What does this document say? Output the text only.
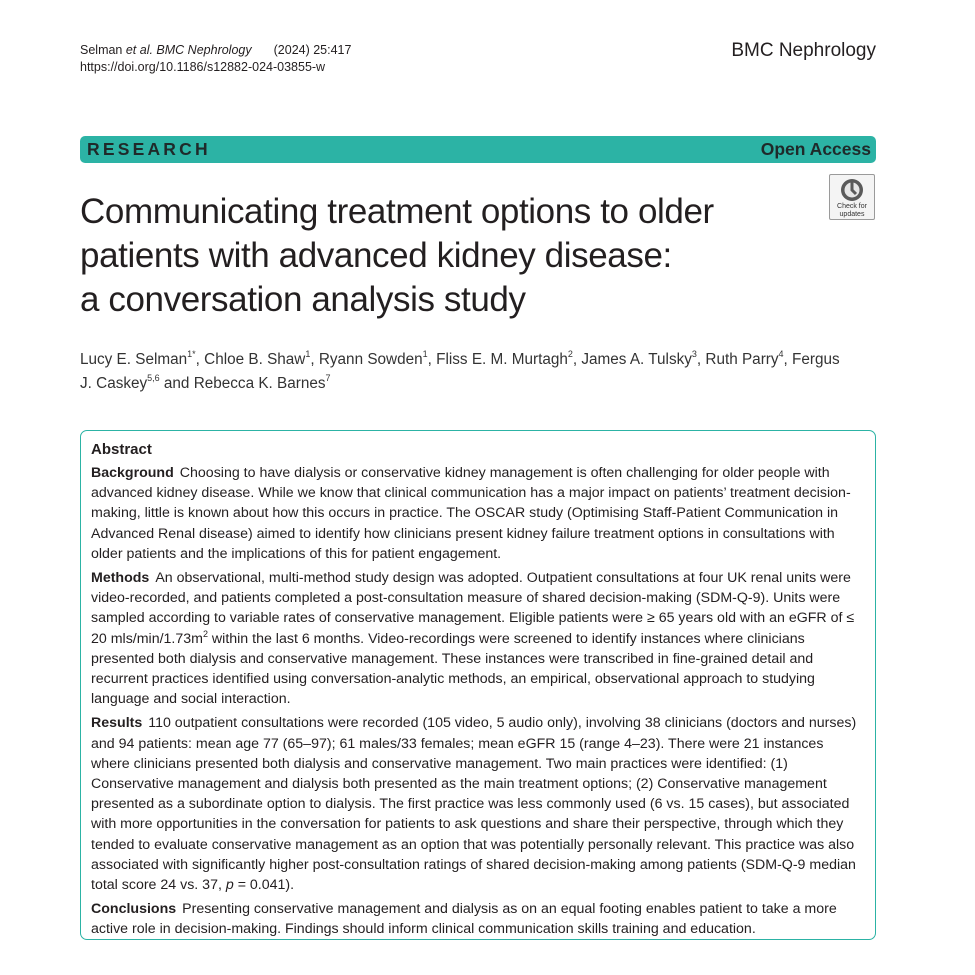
Selman et al. BMC Nephrology (2024) 25:417
https://doi.org/10.1186/s12882-024-03855-w
BMC Nephrology
RESEARCH	Open Access
Check for
updates
Communicating treatment options to older
patients with advanced kidney disease:
a conversation analysis study
Lucy E. Selman$^{1*}$, Chloe B. Shaw$^1$, Ryann Sowden$^1$, Fliss E. M. Murtagh$^2$, James A. Tulsky$^3$, Ruth Parry$^4$, Fergus J. Caskey$^{5,6}$ and Rebecca K. Barnes$^7$
Abstract

Background Choosing to have dialysis or conservative kidney management is often challenging for older people with advanced kidney disease. While we know that clinical communication has a major impact on patients’ treatment decision-making, little is known about how this occurs in practice. The OSCAR study (Optimising Staff-Patient Communication in Advanced Renal disease) aimed to identify how clinicians present kidney failure treatment options in consultations with older patients and the implications of this for patient engagement.

Methods An observational, multi-method study design was adopted. Outpatient consultations at four UK renal units were video-recorded, and patients completed a post-consultation measure of shared decision-making (SDM-Q-9). Units were sampled according to variable rates of conservative management. Eligible patients were ≥ 65 years old with an eGFR of ≤ 20 mls/$\min/1.73m^2$ within the last 6 months. Video-recordings were screened to identify instances where clinicians presented both dialysis and conservative management. These instances were transcribed in fine-grained detail and recurrent practices identified using conversation-analytic methods, an empirical, observational approach to studying language and social interaction.

Results 110 outpatient consultations were recorded (105 video, 5 audio only), involving 38 clinicians (doctors and nurses) and 94 patients: mean age 77 (65–97); 61 males/33 females; mean eGFR 15 (range 4–23). There were 21 instances where clinicians presented both dialysis and conservative management. Two main practices were identified: (1) Conservative management and dialysis both presented as the main treatment options; (2) Conservative management presented as a subordinate option to dialysis. The first practice was less commonly used (6 vs. 15 cases), but associated with more opportunities in the conversation for patients to ask questions and share their perspective, through which they tended to evaluate conservative management as an option that was potentially personally relevant. This practice was also associated with significantly higher post-consultation ratings of shared decision-making among patients (SDM-Q-9 median total score 24 vs. 37, p = 0.041).

Conclusions Presenting conservative management and dialysis as on an equal footing enables patient to take a more active role in decision-making. Findings should inform clinical communication skills training and education.
